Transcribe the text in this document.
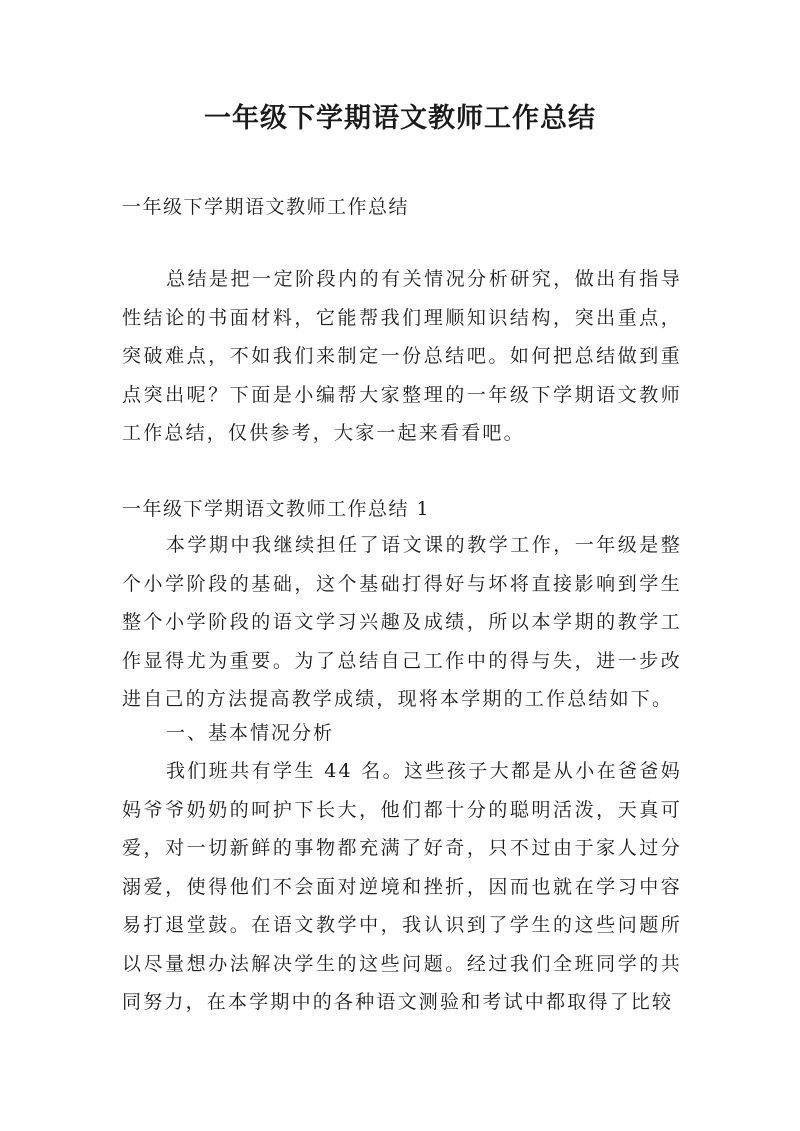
一年级下学期语文教师工作总结
一年级下学期语文教师工作总结
总结是把一定阶段内的有关情况分析研究，做出有指导性结论的书面材料，它能帮我们理顺知识结构，突出重点，突破难点，不如我们来制定一份总结吧。如何把总结做到重点突出呢？下面是小编帮大家整理的一年级下学期语文教师工作总结，仅供参考，大家一起来看看吧。
一年级下学期语文教师工作总结 1
本学期中我继续担任了语文课的教学工作，一年级是整个小学阶段的基础，这个基础打得好与坏将直接影响到学生整个小学阶段的语文学习兴趣及成绩，所以本学期的教学工作显得尤为重要。为了总结自己工作中的得与失，进一步改进自己的方法提高教学成绩，现将本学期的工作总结如下。
一、基本情况分析
我们班共有学生 44 名。这些孩子大都是从小在爸爸妈妈爷爷奶奶的呵护下长大，他们都十分的聪明活泼，天真可爱，对一切新鲜的事物都充满了好奇，只不过由于家人过分溺爱，使得他们不会面对逆境和挫折，因而也就在学习中容易打退堂鼓。在语文教学中，我认识到了学生的这些问题所以尽量想办法解决学生的这些问题。经过我们全班同学的共同努力，在本学期中的各种语文测验和考试中都取得了比较
